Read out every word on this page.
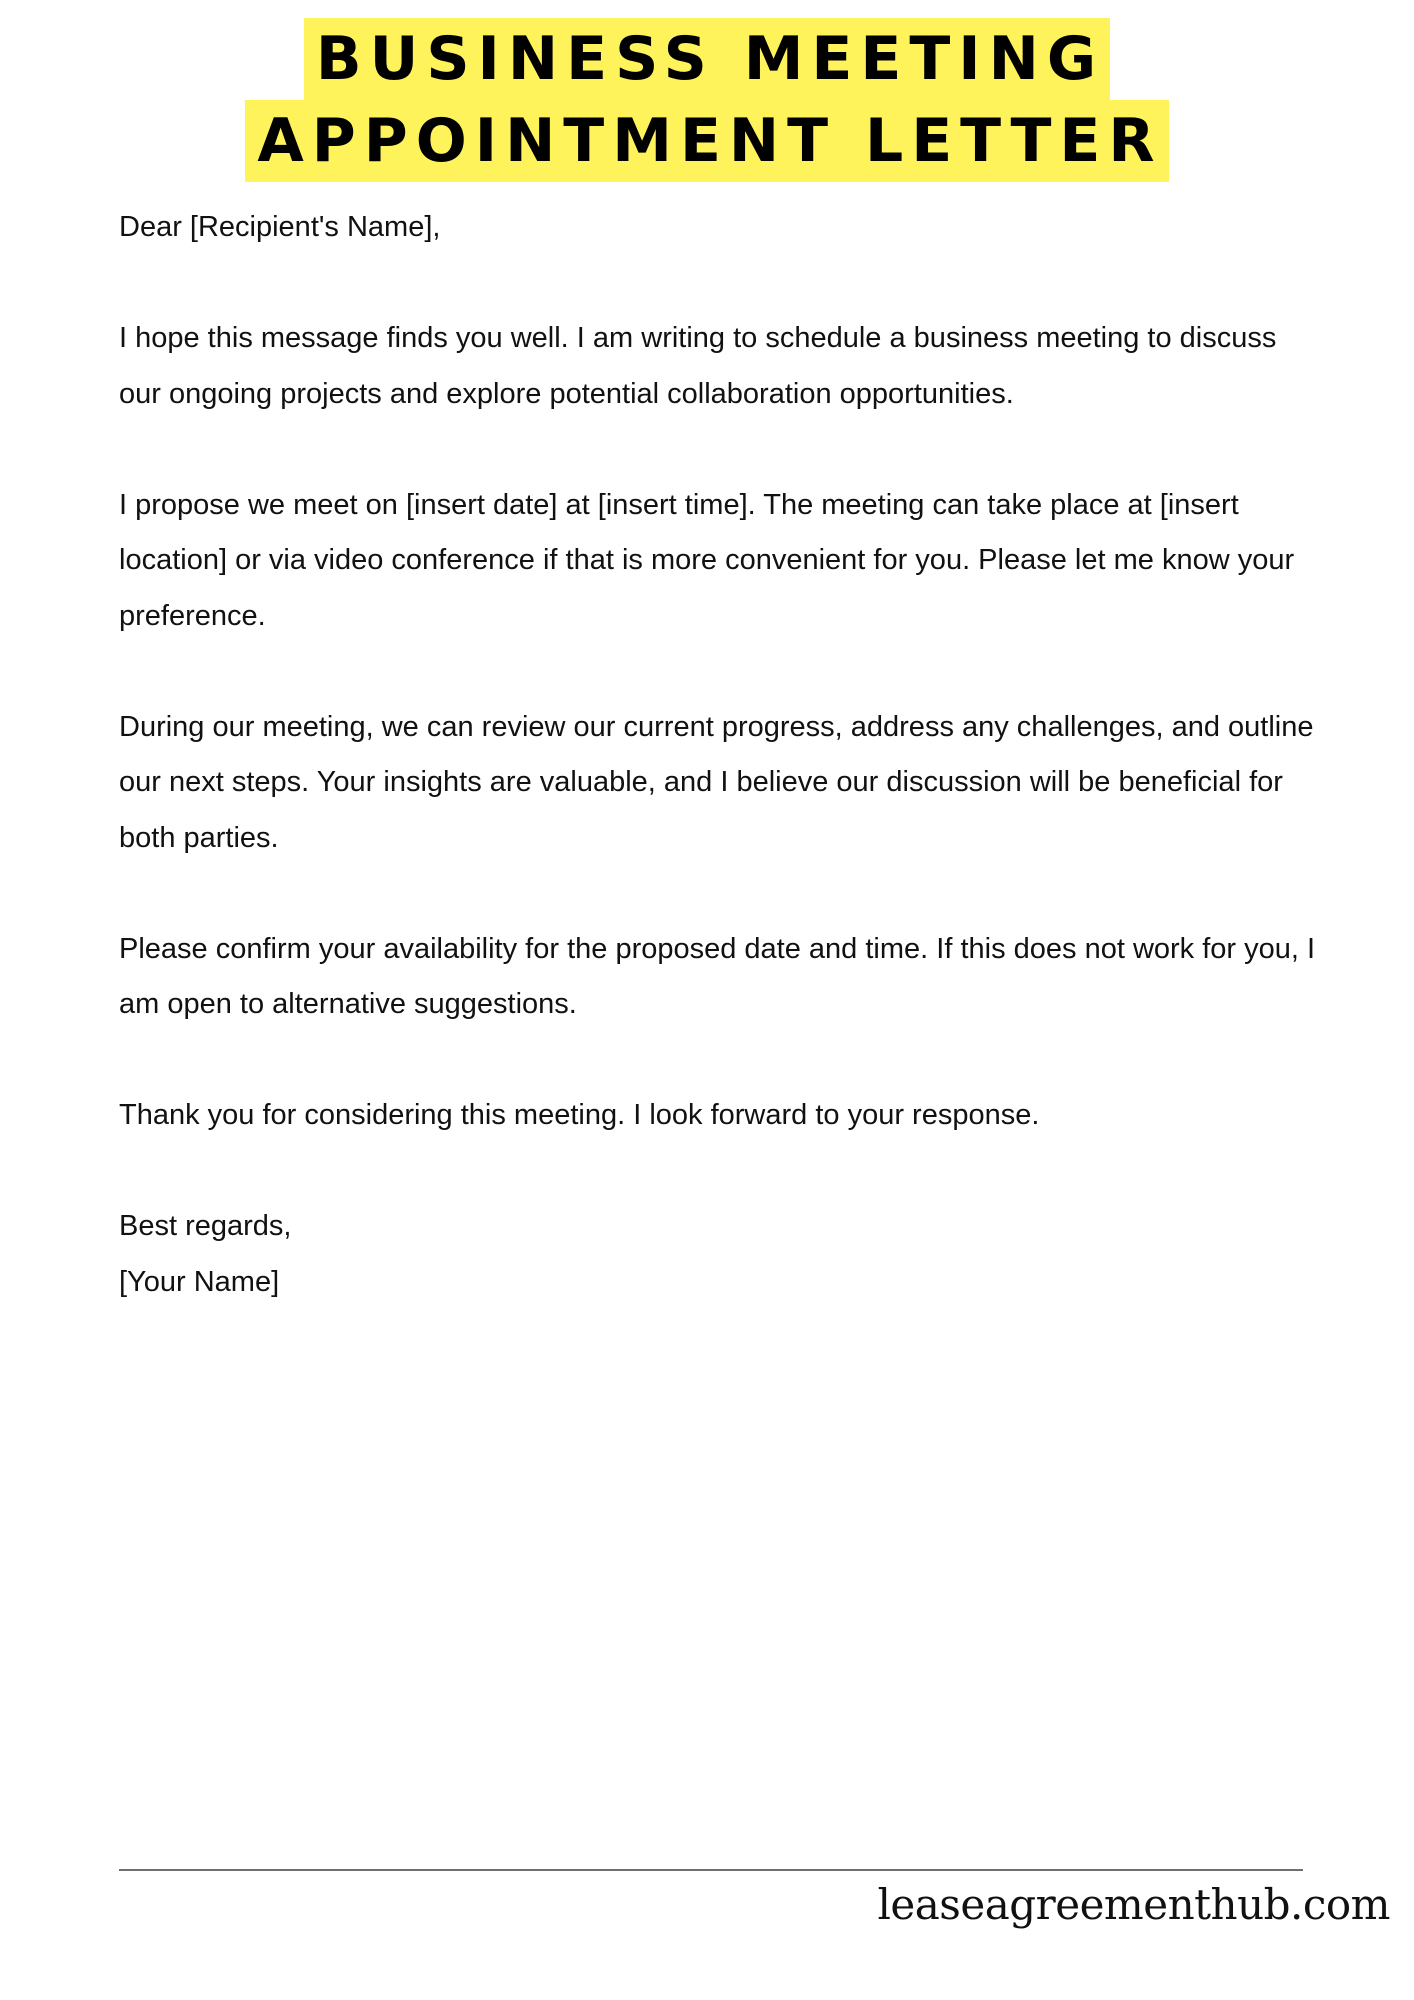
BUSINESS MEETING
APPOINTMENT LETTER

Dear [Recipient's Name],

I hope this message finds you well. I am writing to schedule a business meeting to discuss our ongoing projects and explore potential collaboration opportunities.

I propose we meet on [insert date] at [insert time]. The meeting can take place at [insert location] or via video conference if that is more convenient for you. Please let me know your preference.

During our meeting, we can review our current progress, address any challenges, and outline our next steps. Your insights are valuable, and I believe our discussion will be beneficial for both parties.

Please confirm your availability for the proposed date and time. If this does not work for you, I am open to alternative suggestions.

Thank you for considering this meeting. I look forward to your response.

Best regards,

[Your Name]

leaseagreementhub.com
